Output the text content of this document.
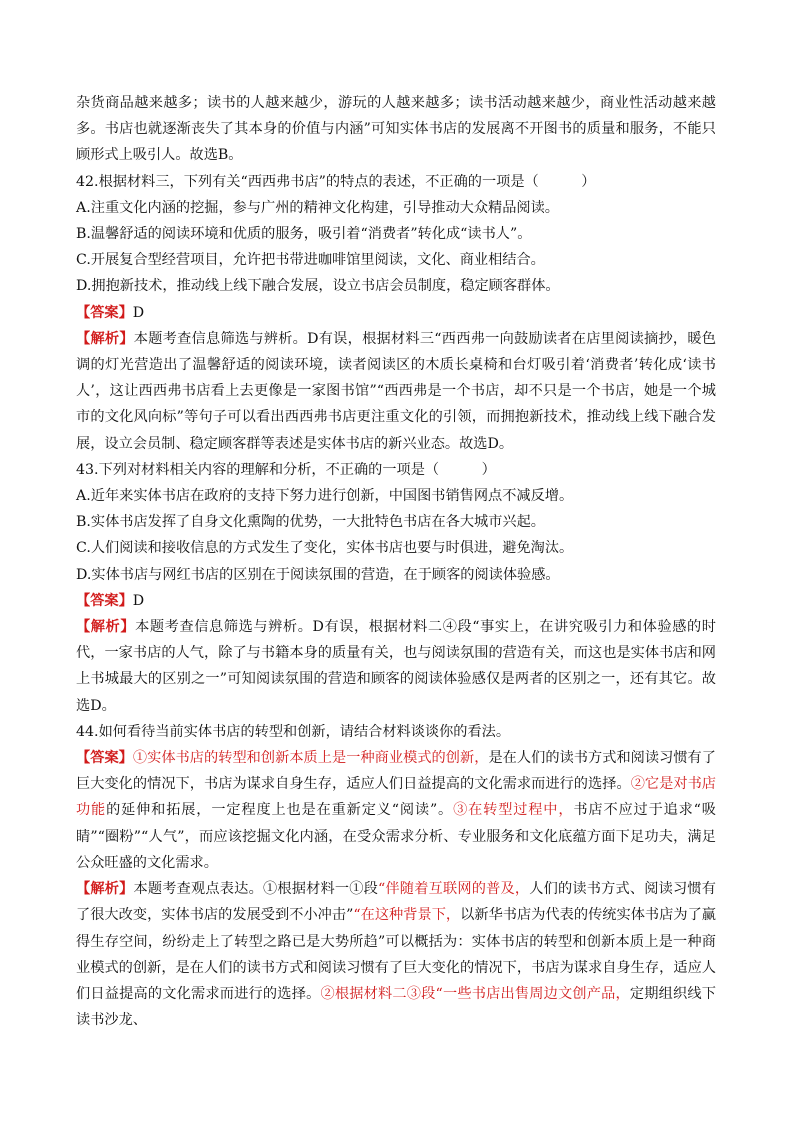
杂货商品越来越多；读书的人越来越少，游玩的人越来越多；读书活动越来越少，商业性活动越来越多。书店也就逐渐丧失了其本身的价值与内涵”可知实体书店的发展离不开图书的质量和服务，不能只顾形式上吸引人。故选B。

42.根据材料三，下列有关“西西弗书店”的特点的表述，不正确的一项是（　　　）

A.注重文化内涵的挖掘，参与广州的精神文化构建，引导推动大众精品阅读。

B.温馨舒适的阅读环境和优质的服务，吸引着“消费者”转化成“读书人”。

C.开展复合型经营项目，允许把书带进咖啡馆里阅读，文化、商业相结合。

D.拥抱新技术，推动线上线下融合发展，设立书店会员制度，稳定顾客群体。

【答案】D

【解析】本题考查信息筛选与辨析。D有误，根据材料三“西西弗一向鼓励读者在店里阅读摘抄，暖色调的灯光营造出了温馨舒适的阅读环境，读者阅读区的木质长桌椅和台灯吸引着‘消费者’转化成‘读书人’，这让西西弗书店看上去更像是一家图书馆”“西西弗是一个书店，却不只是一个书店，她是一个城市的文化风向标”等句子可以看出西西弗书店更注重文化的引领，而拥抱新技术，推动线上线下融合发展，设立会员制、稳定顾客群等表述是实体书店的新兴业态。故选D。

43.下列对材料相关内容的理解和分析，不正确的一项是（　　　）

A.近年来实体书店在政府的支持下努力进行创新，中国图书销售网点不减反增。

B.实体书店发挥了自身文化熏陶的优势，一大批特色书店在各大城市兴起。

C.人们阅读和接收信息的方式发生了变化，实体书店也要与时俱进，避免淘汰。

D.实体书店与网红书店的区别在于阅读氛围的营造，在于顾客的阅读体验感。

【答案】D

【解析】本题考查信息筛选与辨析。D有误，根据材料二④段“事实上，在讲究吸引力和体验感的时代，一家书店的人气，除了与书籍本身的质量有关，也与阅读氛围的营造有关，而这也是实体书店和网上书城最大的区别之一”可知阅读氛围的营造和顾客的阅读体验感仅是两者的区别之一，还有其它。故选D。

44.如何看待当前实体书店的转型和创新，请结合材料谈谈你的看法。

【答案】①实体书店的转型和创新本质上是一种商业模式的创新，是在人们的读书方式和阅读习惯有了巨大变化的情况下，书店为谋求自身生存，适应人们日益提高的文化需求而进行的选择。②它是对书店功能的延伸和拓展，一定程度上也是在重新定义“阅读”。③在转型过程中，书店不应过于追求“吸睛”“圈粉”“人气”，而应该挖掘文化内涵，在受众需求分析、专业服务和文化底蕴方面下足功夫，满足公众旺盛的文化需求。

【解析】本题考查观点表达。①根据材料一①段“伴随着互联网的普及，人们的读书方式、阅读习惯有了很大改变，实体书店的发展受到不小冲击”“在这种背景下，以新华书店为代表的传统实体书店为了赢得生存空间，纷纷走上了转型之路已是大势所趋”可以概括为：实体书店的转型和创新本质上是一种商业模式的创新，是在人们的读书方式和阅读习惯有了巨大变化的情况下，书店为谋求自身生存，适应人们日益提高的文化需求而进行的选择。②根据材料二③段“一些书店出售周边文创产品，定期组织线下读书沙龙、
